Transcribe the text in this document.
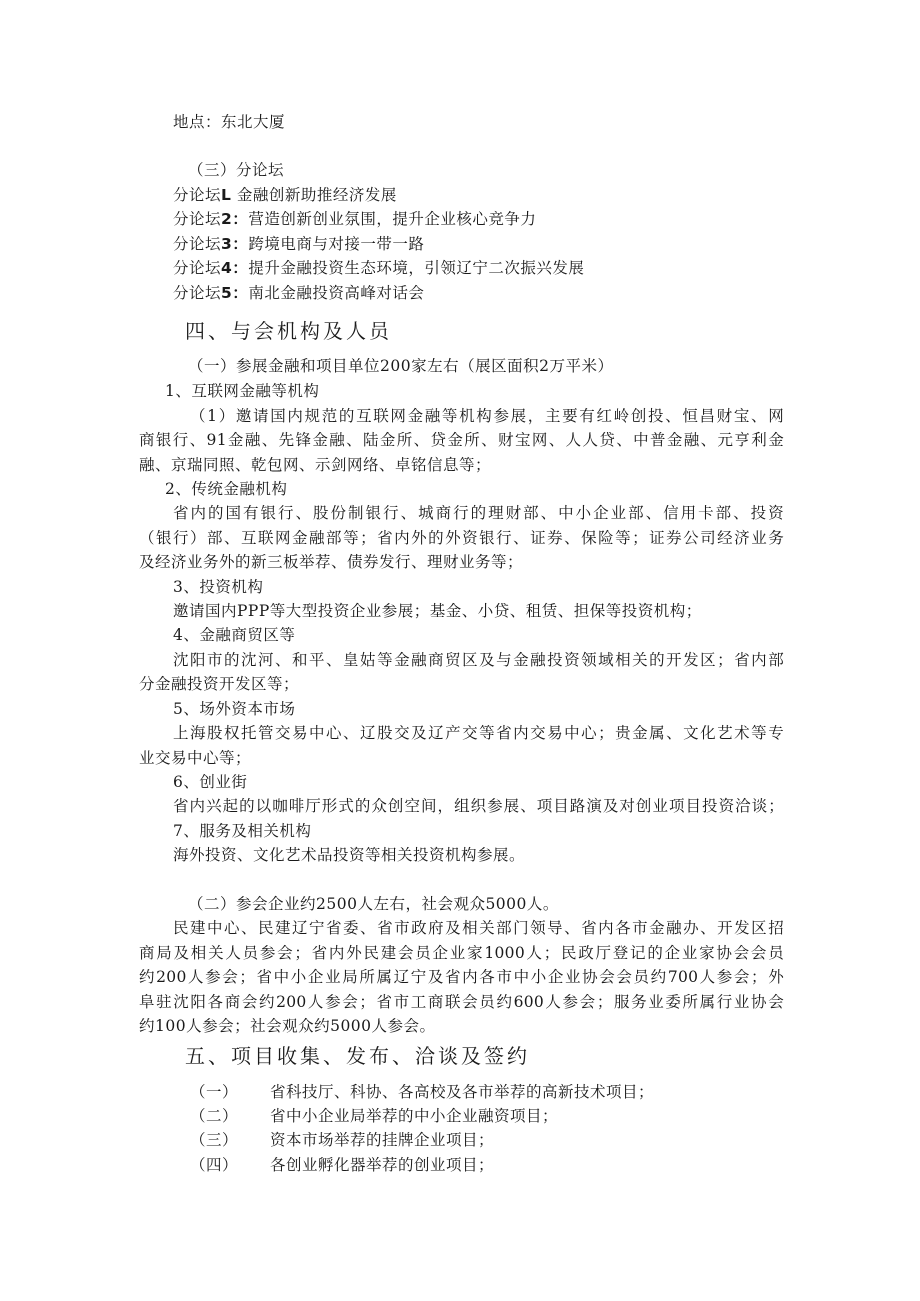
地点：东北大厦
（三）分论坛
分论坛L 金融创新助推经济发展
分论坛2：营造创新创业氛围，提升企业核心竞争力
分论坛3：跨境电商与对接一带一路
分论坛4：提升金融投资生态环境，引领辽宁二次振兴发展
分论坛5：南北金融投资高峰对话会
四、与会机构及人员
（一）参展金融和项目单位200家左右（展区面积2万平米）
1、互联网金融等机构
（1）邀请国内规范的互联网金融等机构参展，主要有红岭创投、恒昌财宝、网
商银行、91金融、先锋金融、陆金所、贷金所、财宝网、人人贷、中普金融、元亨利金
融、京瑞同照、乾包网、示剑网络、卓铭信息等；
2、传统金融机构
省内的国有银行、股份制银行、城商行的理财部、中小企业部、信用卡部、投资
（银行）部、互联网金融部等；省内外的外资银行、证券、保险等；证券公司经济业务
及经济业务外的新三板举荐、债券发行、理财业务等；
3、投资机构
邀请国内PPP等大型投资企业参展；基金、小贷、租赁、担保等投资机构；
4、金融商贸区等
沈阳市的沈河、和平、皇姑等金融商贸区及与金融投资领域相关的开发区；省内部
分金融投资开发区等；
5、场外资本市场
上海股权托管交易中心、辽股交及辽产交等省内交易中心；贵金属、文化艺术等专
业交易中心等；
6、创业街
省内兴起的以咖啡厅形式的众创空间，组织参展、项目路演及对创业项目投资洽谈；
7、服务及相关机构
海外投资、文化艺术品投资等相关投资机构参展。
（二）参会企业约2500人左右，社会观众5000人。
民建中心、民建辽宁省委、省市政府及相关部门领导、省内各市金融办、开发区招
商局及相关人员参会；省内外民建会员企业家1000人；民政厅登记的企业家协会会员
约200人参会；省中小企业局所属辽宁及省内各市中小企业协会会员约700人参会；外
阜驻沈阳各商会约200人参会；省市工商联会员约600人参会；服务业委所属行业协会
约100人参会；社会观众约5000人参会。
五、项目收集、发布、洽谈及签约
（一） 省科技厅、科协、各高校及各市举荐的高新技术项目；
（二） 省中小企业局举荐的中小企业融资项目；
（三） 资本市场举荐的挂牌企业项目；
（四） 各创业孵化器举荐的创业项目；
